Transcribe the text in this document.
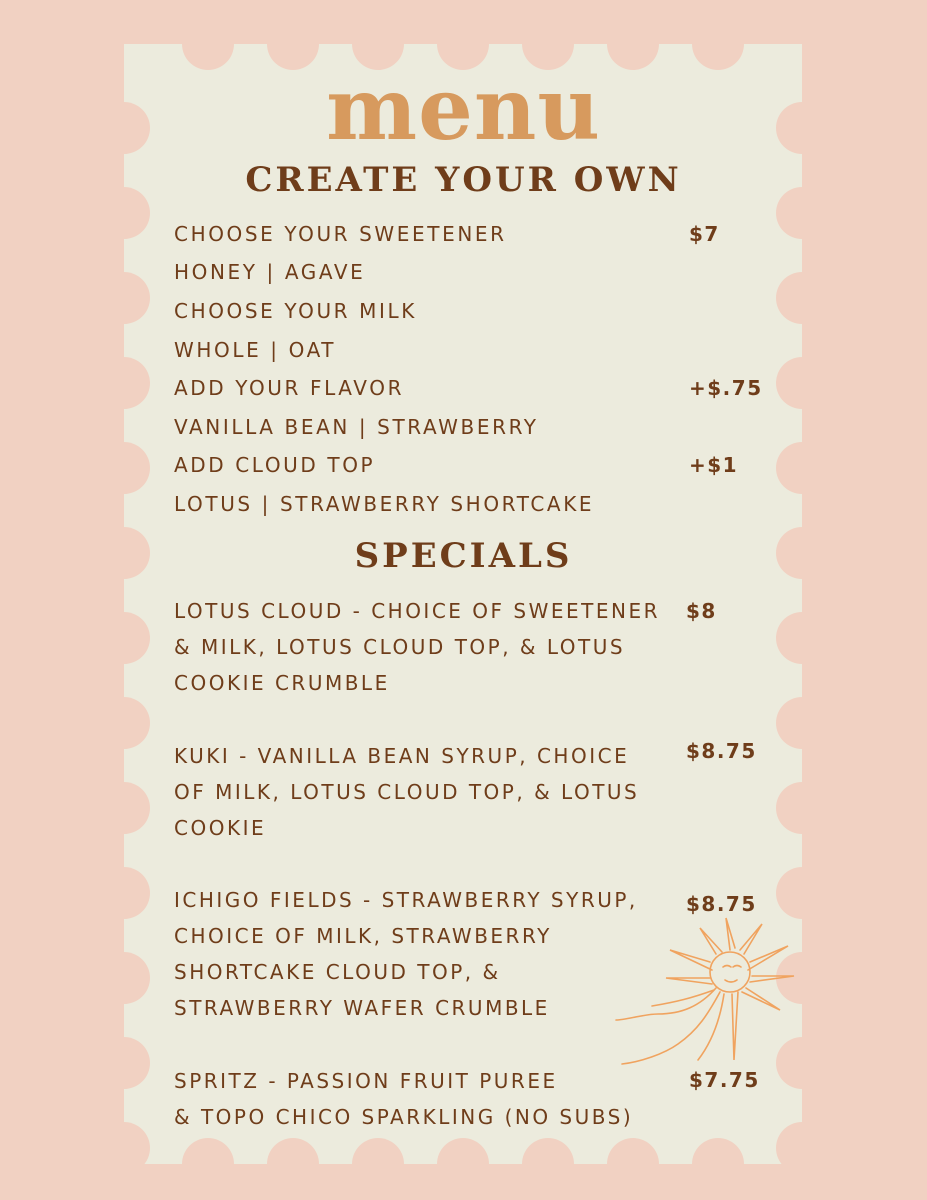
menu
CREATE YOUR OWN
CHOOSE YOUR SWEETENER	$7
HONEY | AGAVE
CHOOSE YOUR MILK
WHOLE | OAT
ADD YOUR FLAVOR	+$.75
VANILLA BEAN | STRAWBERRY
ADD CLOUD TOP	+$1
LOTUS | STRAWBERRY SHORTCAKE
SPECIALS
LOTUS CLOUD - CHOICE OF SWEETENER
& MILK, LOTUS CLOUD TOP, & LOTUS
COOKIE CRUMBLE
$8
KUKI - VANILLA BEAN SYRUP, CHOICE
OF MILK, LOTUS CLOUD TOP, & LOTUS
COOKIE
$8.75
ICHIGO FIELDS - STRAWBERRY SYRUP,
CHOICE OF MILK, STRAWBERRY
SHORTCAKE CLOUD TOP, &
STRAWBERRY WAFER CRUMBLE
$8.75
SPRITZ - PASSION FRUIT PUREE
& TOPO CHICO SPARKLING (NO SUBS)
$7.75
